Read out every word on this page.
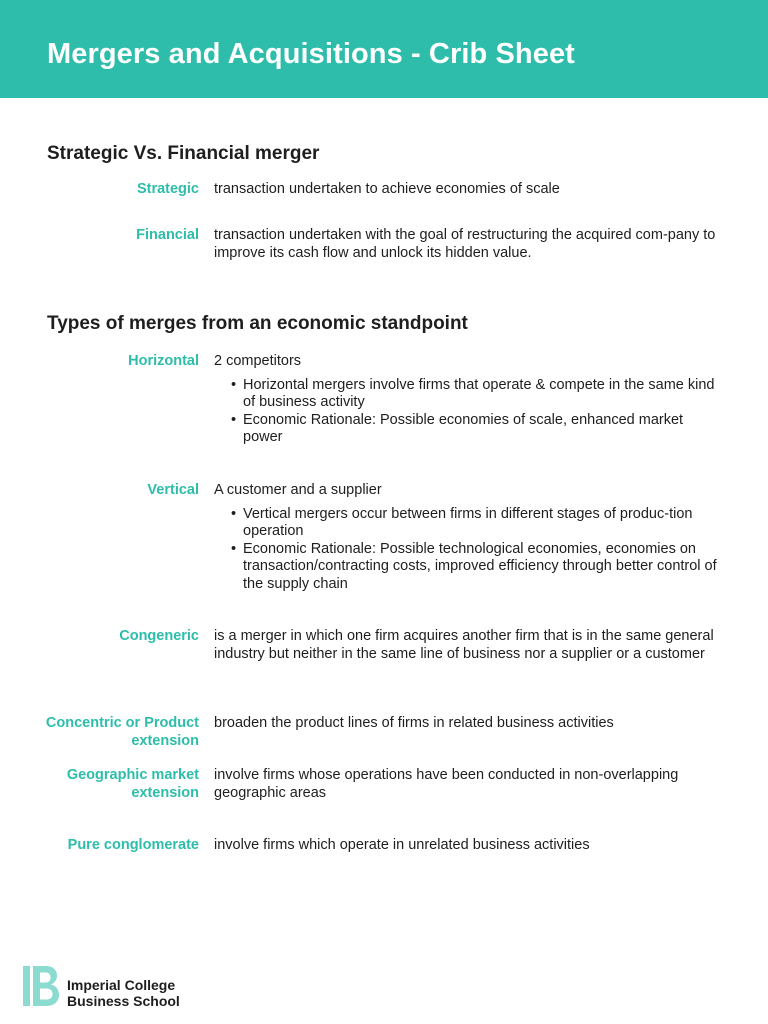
Mergers and Acquisitions - Crib Sheet
Strategic Vs. Financial merger
Strategic transaction undertaken to achieve economies of scale
Financial transaction undertaken with the goal of restructuring the acquired com-pany to improve its cash flow and unlock its hidden value.
Types of merges from an economic standpoint
Horizontal 2 competitors
• Horizontal mergers involve firms that operate & compete in the same kind of business activity
• Economic Rationale: Possible economies of scale, enhanced market power
Vertical A customer and a supplier
• Vertical mergers occur between firms in different stages of produc-tion operation
• Economic Rationale: Possible technological economies, economies on transaction/contracting costs, improved efficiency through better control of the supply chain
Congeneric is a merger in which one firm acquires another firm that is in the same general industry but neither in the same line of business nor a supplier or a customer
Concentric or Product extension
broaden the product lines of firms in related business activities
Geographic market extension
involve firms whose operations have been conducted in non-overlapping geographic areas
Pure conglomerate involve firms which operate in unrelated business activities
Imperial College
Business School
